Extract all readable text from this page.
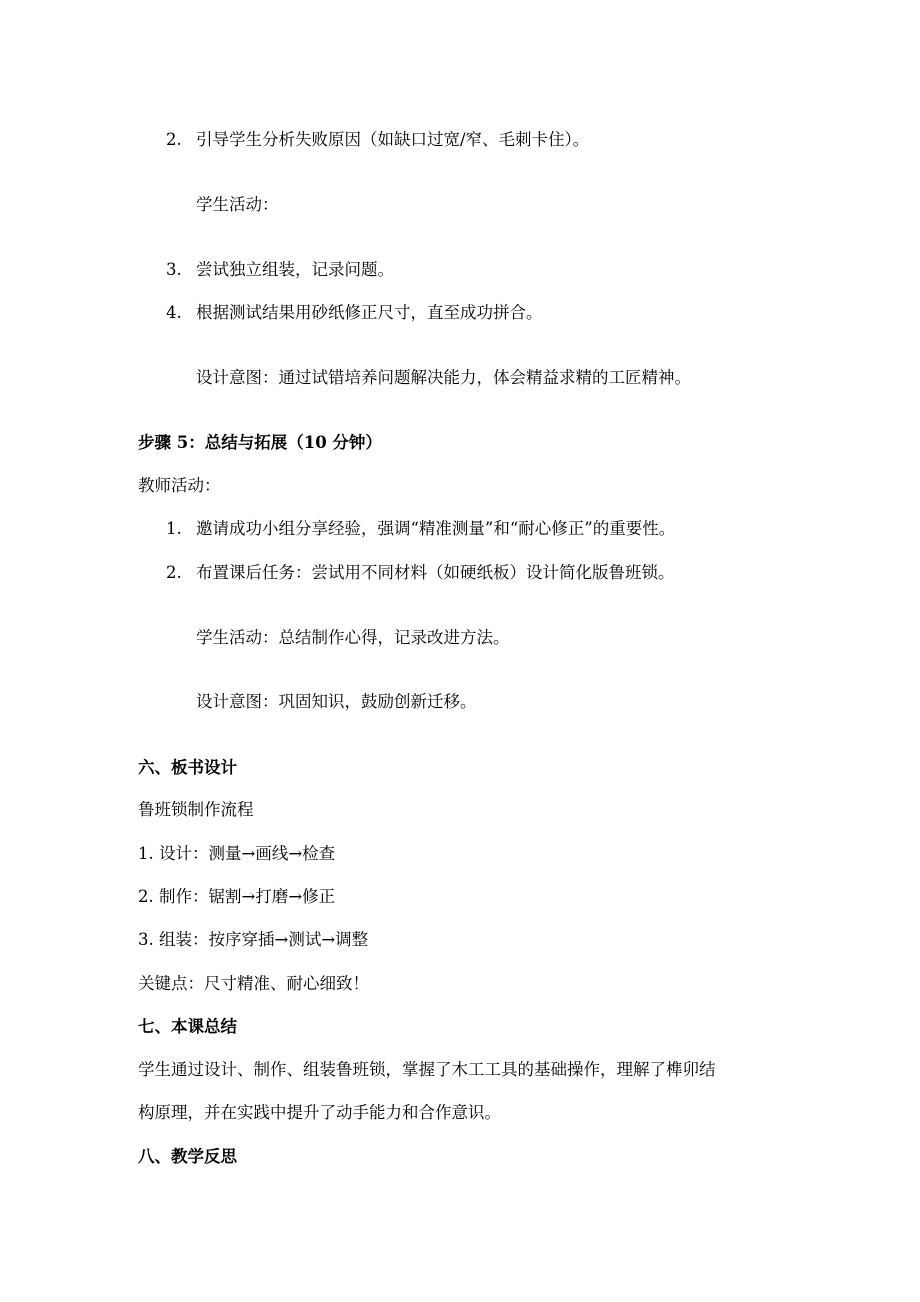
2. 引导学生分析失败原因（如缺口过宽/窄、毛刺卡住）。
学生活动：
3. 尝试独立组装，记录问题。
4. 根据测试结果用砂纸修正尺寸，直至成功拼合。
设计意图：通过试错培养问题解决能力，体会精益求精的工匠精神。
步骤 5：总结与拓展（10 分钟）
教师活动：
1. 邀请成功小组分享经验，强调“精准测量”和“耐心修正”的重要性。
2. 布置课后任务：尝试用不同材料（如硬纸板）设计简化版鲁班锁。
学生活动：总结制作心得，记录改进方法。
设计意图：巩固知识，鼓励创新迁移。
六、板书设计
鲁班锁制作流程
1. 设计：测量→画线→检查
2. 制作：锯割→打磨→修正
3. 组装：按序穿插→测试→调整
关键点：尺寸精准、耐心细致！
七、本课总结
学生通过设计、制作、组装鲁班锁，掌握了木工工具的基础操作，理解了榫卯结
构原理，并在实践中提升了动手能力和合作意识。
八、教学反思
